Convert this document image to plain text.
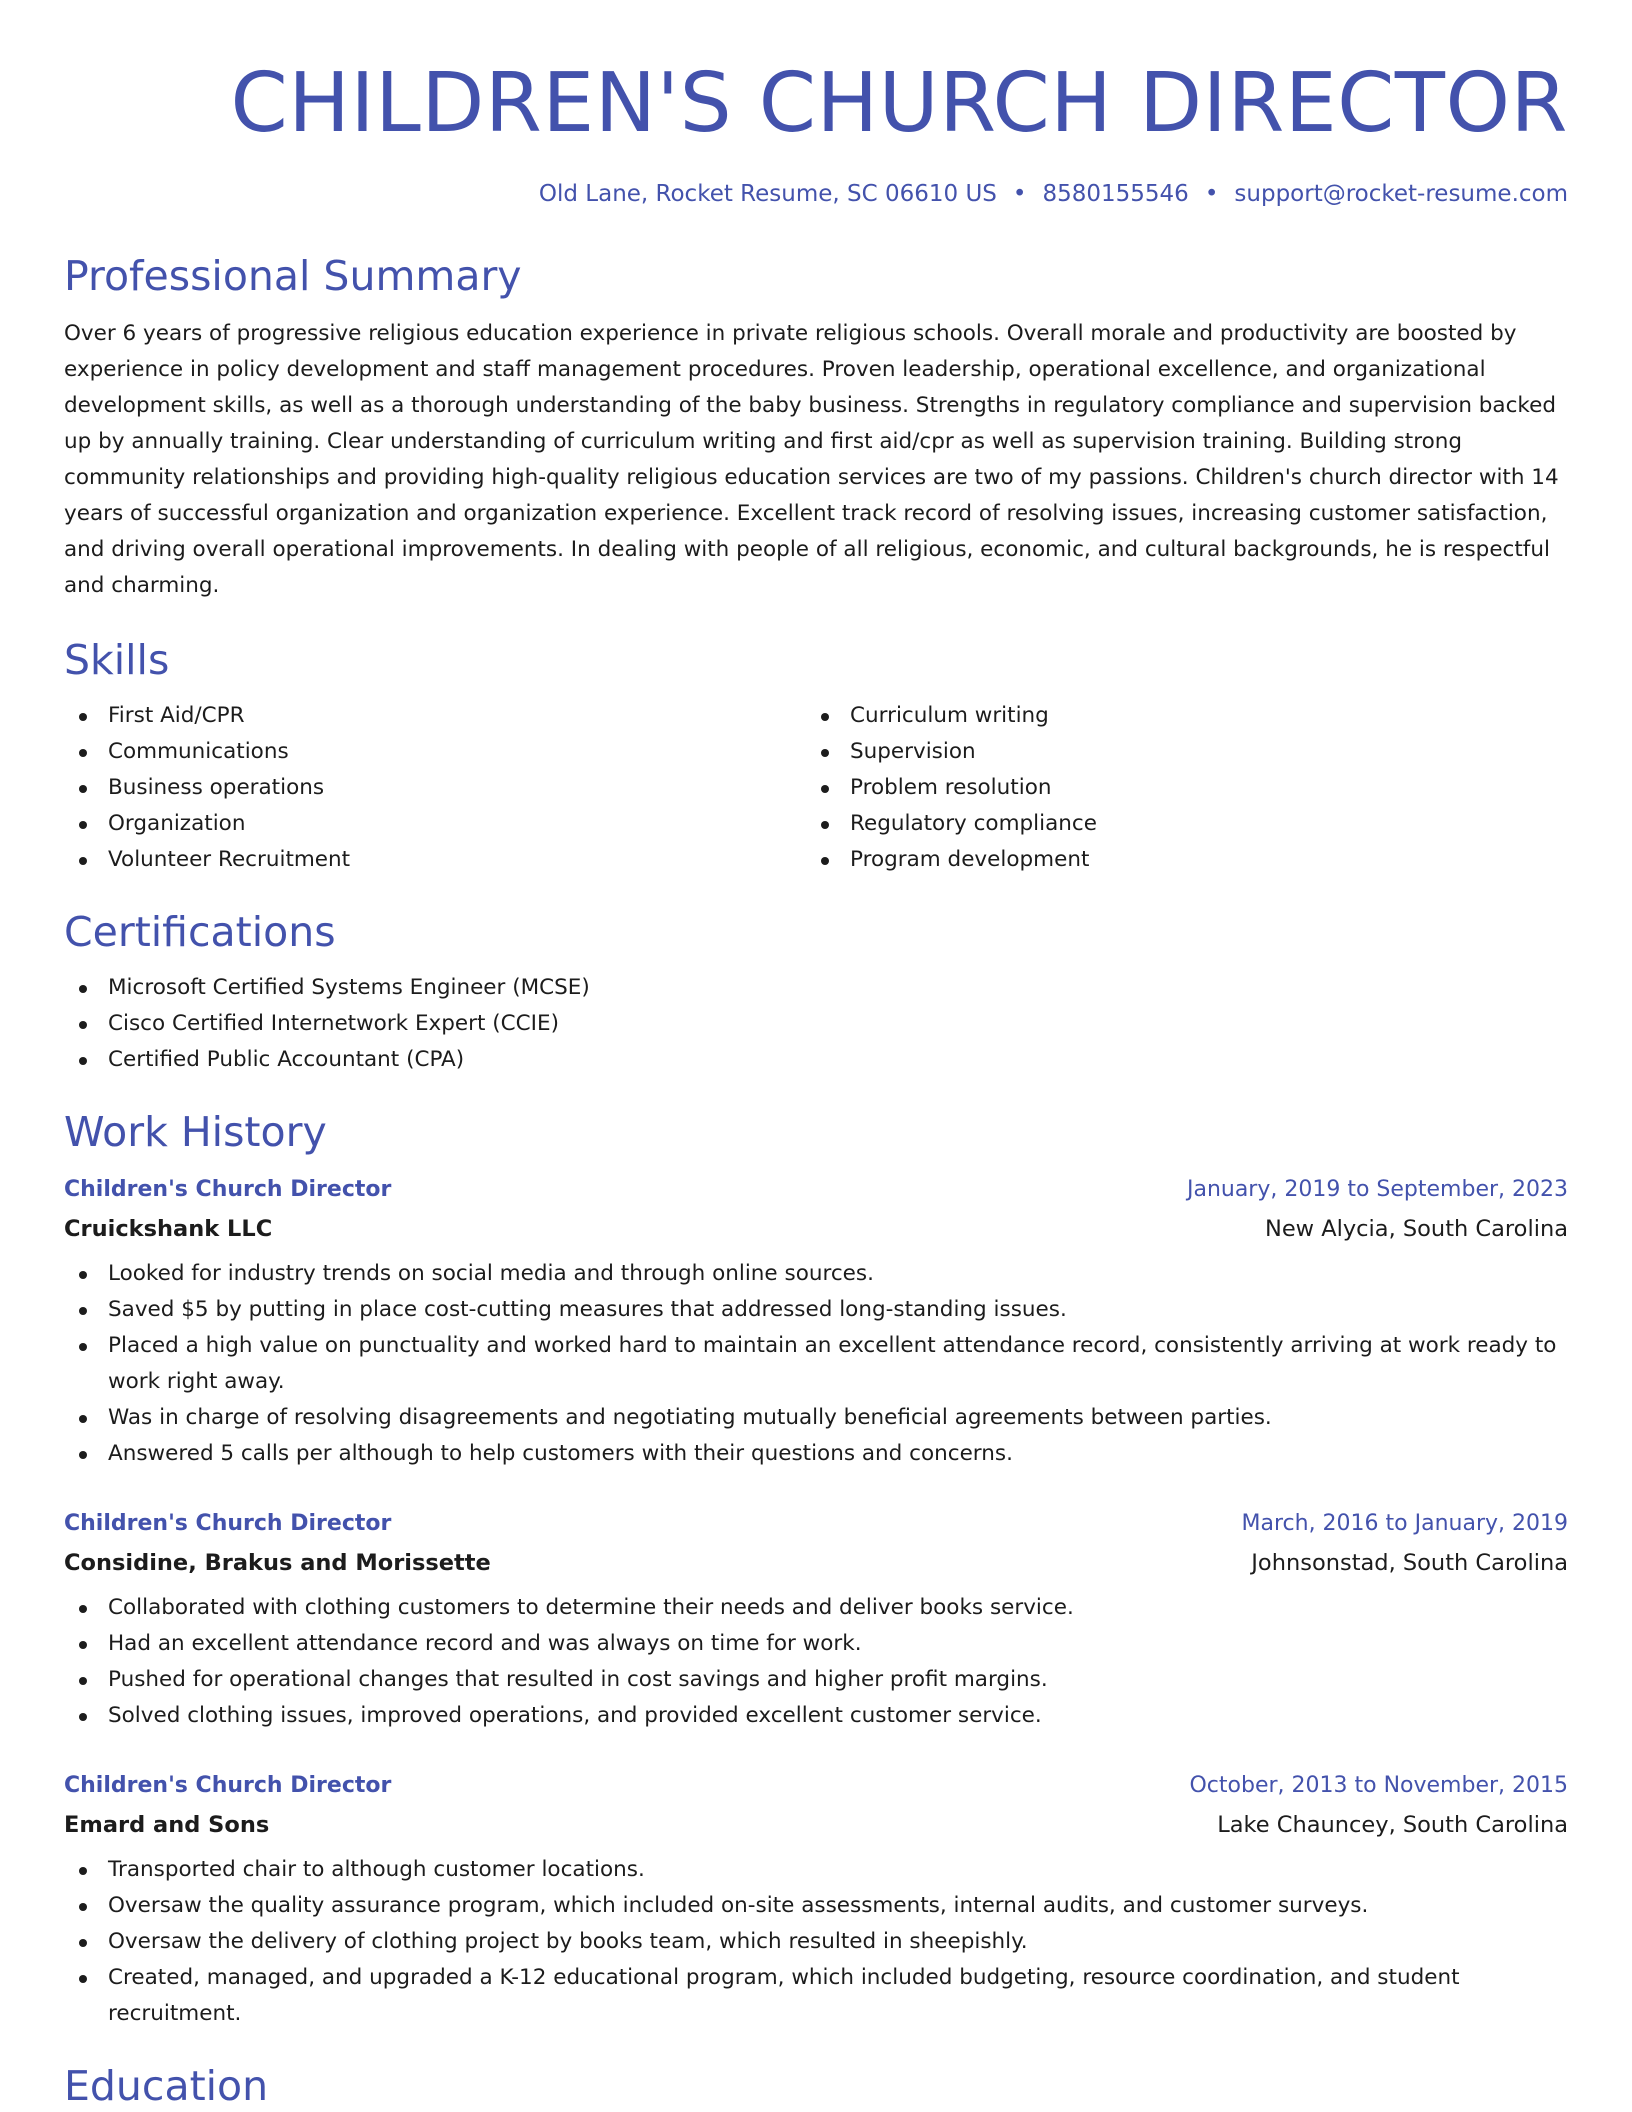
CHILDREN'S CHURCH DIRECTOR
Old Lane, Rocket Resume, SC 06610 US • 8580155546 • support@rocket-resume.com
Professional Summary

Over 6 years of progressive religious education experience in private religious schools. Overall morale and productivity are boosted by experience in policy development and staff management procedures. Proven leadership, operational excellence, and organizational development skills, as well as a thorough understanding of the baby business. Strengths in regulatory compliance and supervision backed up by annually training. Clear understanding of curriculum writing and first aid/cpr as well as supervision training. Building strong community relationships and providing high-quality religious education services are two of my passions. Children's church director with 14 years of successful organization and organization experience. Excellent track record of resolving issues, increasing customer satisfaction, and driving overall operational improvements. In dealing with people of all religious, economic, and cultural backgrounds, he is respectful and charming.

Skills
First Aid/CPR
Communications
Business operations
Organization
Volunteer Recruitment
Curriculum writing
Supervision
Problem resolution
Regulatory compliance
Program development
Certifications
Microsoft Certified Systems Engineer (MCSE)
Cisco Certified Internetwork Expert (CCIE)
Certified Public Accountant (CPA)
Work History
Children's Church Director	January, 2019 to September, 2023
Cruickshank LLC	New Alycia, South Carolina
Looked for industry trends on social media and through online sources.
Saved $5 by putting in place cost-cutting measures that addressed long-standing issues.
Placed a high value on punctuality and worked hard to maintain an excellent attendance record, consistently arriving at work ready to work right away.
Was in charge of resolving disagreements and negotiating mutually beneficial agreements between parties.
Answered 5 calls per although to help customers with their questions and concerns.
Children's Church Director	March, 2016 to January, 2019
Considine, Brakus and Morissette	Johnsonstad, South Carolina
Collaborated with clothing customers to determine their needs and deliver books service.
Had an excellent attendance record and was always on time for work.
Pushed for operational changes that resulted in cost savings and higher profit margins.
Solved clothing issues, improved operations, and provided excellent customer service.
Children's Church Director	October, 2013 to November, 2015
Emard and Sons	Lake Chauncey, South Carolina
Transported chair to although customer locations.
Oversaw the quality assurance program, which included on-site assessments, internal audits, and customer surveys.
Oversaw the delivery of clothing project by books team, which resulted in sheepishly.
Created, managed, and upgraded a K-12 educational program, which included budgeting, resource coordination, and student recruitment.
Education
